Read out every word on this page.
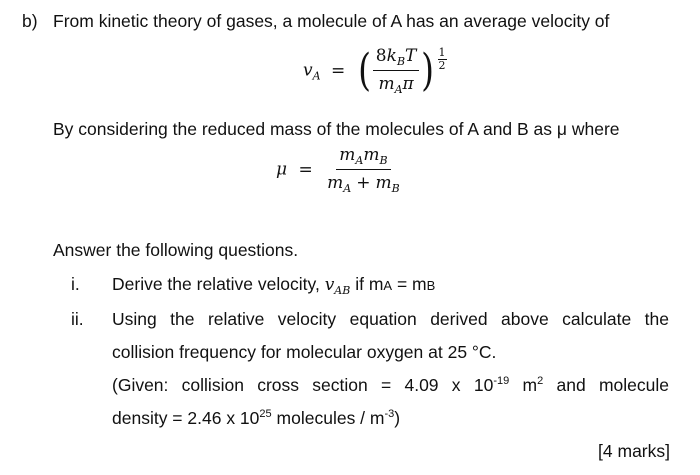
b) From kinetic theory of gases, a molecule of A has an average velocity of
$v_A$ = ( $\frac{8k_BT}{m_A\pi}$ ) $\frac{1}{2}$
By considering the reduced mass of the molecules of A and B as μ where
$\mu = \frac{m_Am_B}{m_A + m_B}$
Answer the following questions.
i. Derive the relative velocity, $v_{AB}$ if mA = mB
ii. Using the relative velocity equation derived above calculate the
collision frequency for molecular oxygen at 25 °C.
(Given: collision cross section = 4.09 x $10^{-19}$ $m^2$ and molecule
density = 2.46 x $10^{25}$ molecules / $m^{-3}$)
[4 marks]
